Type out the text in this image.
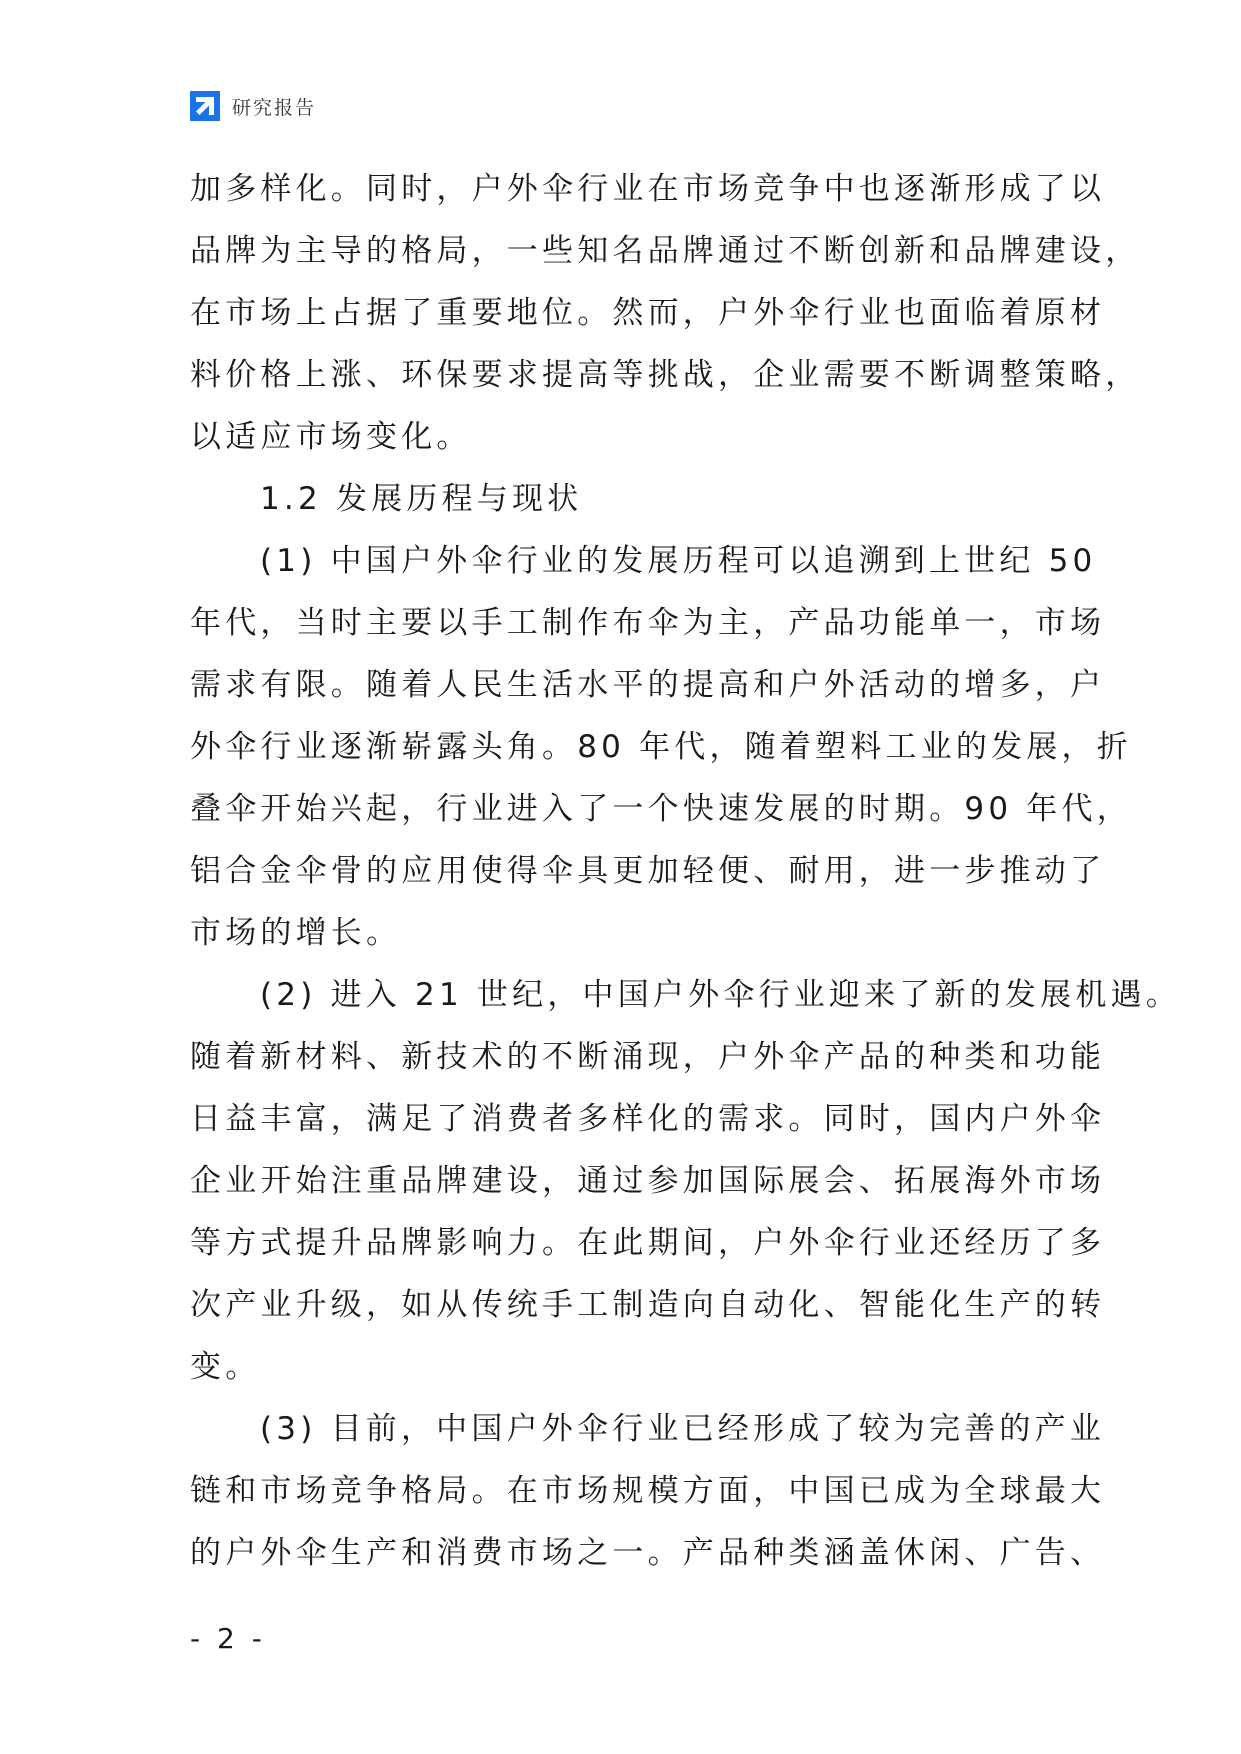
研究报告
加多样化。同时，户外伞行业在市场竞争中也逐渐形成了以
品牌为主导的格局，一些知名品牌通过不断创新和品牌建设，
在市场上占据了重要地位。然而，户外伞行业也面临着原材
料价格上涨、环保要求提高等挑战，企业需要不断调整策略，
以适应市场变化。
1.2 发展历程与现状
(1) 中国户外伞行业的发展历程可以追溯到上世纪 50
年代，当时主要以手工制作布伞为主，产品功能单一，市场
需求有限。随着人民生活水平的提高和户外活动的增多，户
外伞行业逐渐崭露头角。80 年代，随着塑料工业的发展，折
叠伞开始兴起，行业进入了一个快速发展的时期。90 年代，
铝合金伞骨的应用使得伞具更加轻便、耐用，进一步推动了
市场的增长。
(2) 进入 21 世纪，中国户外伞行业迎来了新的发展机遇。
随着新材料、新技术的不断涌现，户外伞产品的种类和功能
日益丰富，满足了消费者多样化的需求。同时，国内户外伞
企业开始注重品牌建设，通过参加国际展会、拓展海外市场
等方式提升品牌影响力。在此期间，户外伞行业还经历了多
次产业升级，如从传统手工制造向自动化、智能化生产的转
变。
(3) 目前，中国户外伞行业已经形成了较为完善的产业
链和市场竞争格局。在市场规模方面，中国已成为全球最大
的户外伞生产和消费市场之一。产品种类涵盖休闲、广告、
- 2 -
